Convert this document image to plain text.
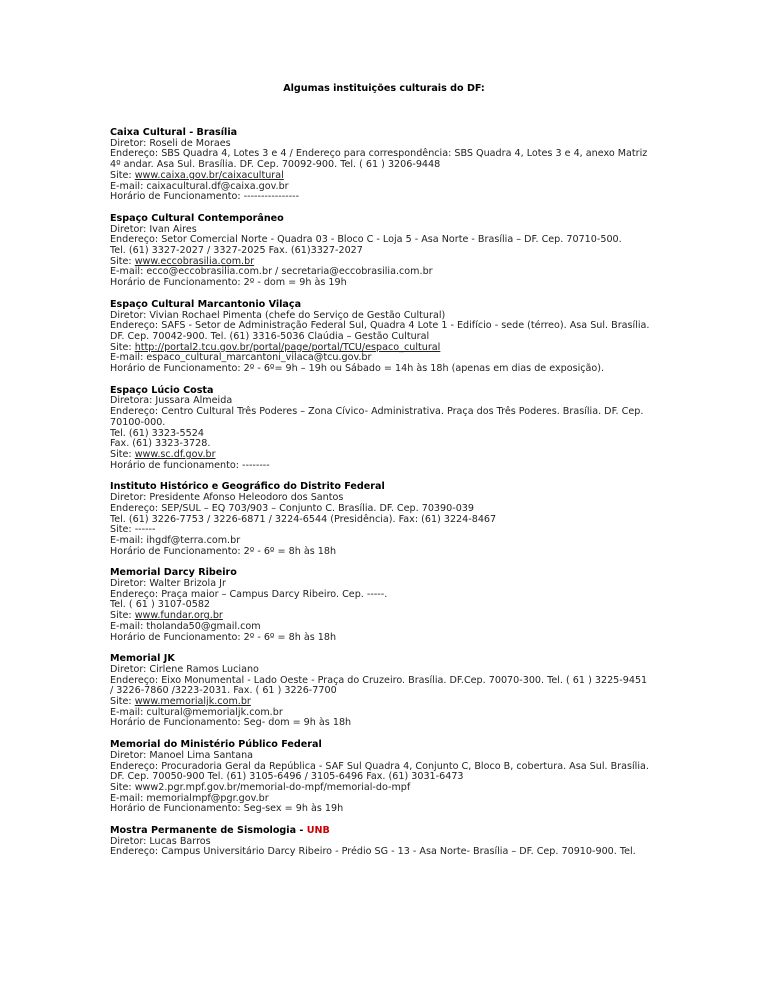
Algumas instituições culturais do DF:
Caixa Cultural - Brasília
Diretor: Roseli de Moraes
Endereço: SBS Quadra 4, Lotes 3 e 4 / Endereço para correspondência: SBS Quadra 4, Lotes 3 e 4, anexo Matriz 4º andar. Asa Sul. Brasília. DF. Cep. 70092-900. Tel. ( 61 ) 3206-9448
Site: www.caixa.gov.br/caixacultural
E-mail: caixacultural.df@caixa.gov.br
Horário de Funcionamento: ----------------
Espaço Cultural Contemporâneo
Diretor: Ivan Aires
Endereço: Setor Comercial Norte - Quadra 03 - Bloco C - Loja 5 - Asa Norte - Brasília – DF. Cep. 70710-500.
Tel. (61) 3327-2027 / 3327-2025 Fax. (61)3327-2027
Site: www.eccobrasilia.com.br
E-mail: ecco@eccobrasilia.com.br / secretaria@eccobrasilia.com.br
Horário de Funcionamento: 2º - dom = 9h às 19h
Espaço Cultural Marcantonio Vilaça
Diretor: Vivian Rochael Pimenta (chefe do Serviço de Gestão Cultural)
Endereço: SAFS - Setor de Administração Federal Sul, Quadra 4 Lote 1 - Edifício - sede (térreo). Asa Sul. Brasília. DF. Cep. 70042-900. Tel. (61) 3316-5036 Claúdia – Gestão Cultural
Site: http://portal2.tcu.gov.br/portal/page/portal/TCU/espaco_cultural
E-mail: espaco_cultural_marcantoni_vilaca@tcu.gov.br
Horário de Funcionamento: 2º - 6º= 9h – 19h ou Sábado = 14h às 18h (apenas em dias de exposição).
Espaço Lúcio Costa
Diretora: Jussara Almeida
Endereço: Centro Cultural Três Poderes – Zona Cívico- Administrativa. Praça dos Três Poderes. Brasília. DF. Cep. 70100-000.
Tel. (61) 3323-5524
Fax. (61) 3323-3728.
Site: www.sc.df.gov.br
Horário de funcionamento: --------
Instituto Histórico e Geográfico do Distrito Federal
Diretor: Presidente Afonso Heleodoro dos Santos
Endereço: SEP/SUL – EQ 703/903 – Conjunto C. Brasília. DF. Cep. 70390-039
Tel. (61) 3226-7753 / 3226-6871 / 3224-6544 (Presidência). Fax: (61) 3224-8467
Site: ------
E-mail: ihgdf@terra.com.br
Horário de Funcionamento: 2º - 6º = 8h às 18h
Memorial Darcy Ribeiro
Diretor: Walter Brizola Jr
Endereço: Praça maior – Campus Darcy Ribeiro. Cep. -----.
Tel. ( 61 ) 3107-0582
Site: www.fundar.org.br
E-mail: tholanda50@gmail.com
Horário de Funcionamento: 2º - 6º = 8h às 18h
Memorial JK
Diretor: Cirlene Ramos Luciano
Endereço: Eixo Monumental - Lado Oeste - Praça do Cruzeiro. Brasília. DF.Cep. 70070-300. Tel. ( 61 ) 3225-9451 / 3226-7860 /3223-2031. Fax. ( 61 ) 3226-7700
Site: www.memorialjk.com.br
E-mail: cultural@memorialjk.com.br
Horário de Funcionamento: Seg- dom = 9h às 18h
Memorial do Ministério Público Federal
Diretor: Manoel Lima Santana
Endereço: Procuradoria Geral da República - SAF Sul Quadra 4, Conjunto C, Bloco B, cobertura. Asa Sul. Brasília. DF. Cep. 70050-900 Tel. (61) 3105-6496 / 3105-6496 Fax. (61) 3031-6473
Site: www2.pgr.mpf.gov.br/memorial-do-mpf/memorial-do-mpf
E-mail: memorialmpf@pgr.gov.br
Horário de Funcionamento: Seg-sex = 9h às 19h
Mostra Permanente de Sismologia - UNB
Diretor: Lucas Barros
Endereço: Campus Universitário Darcy Ribeiro - Prédio SG - 13 - Asa Norte- Brasília – DF. Cep. 70910-900. Tel.
